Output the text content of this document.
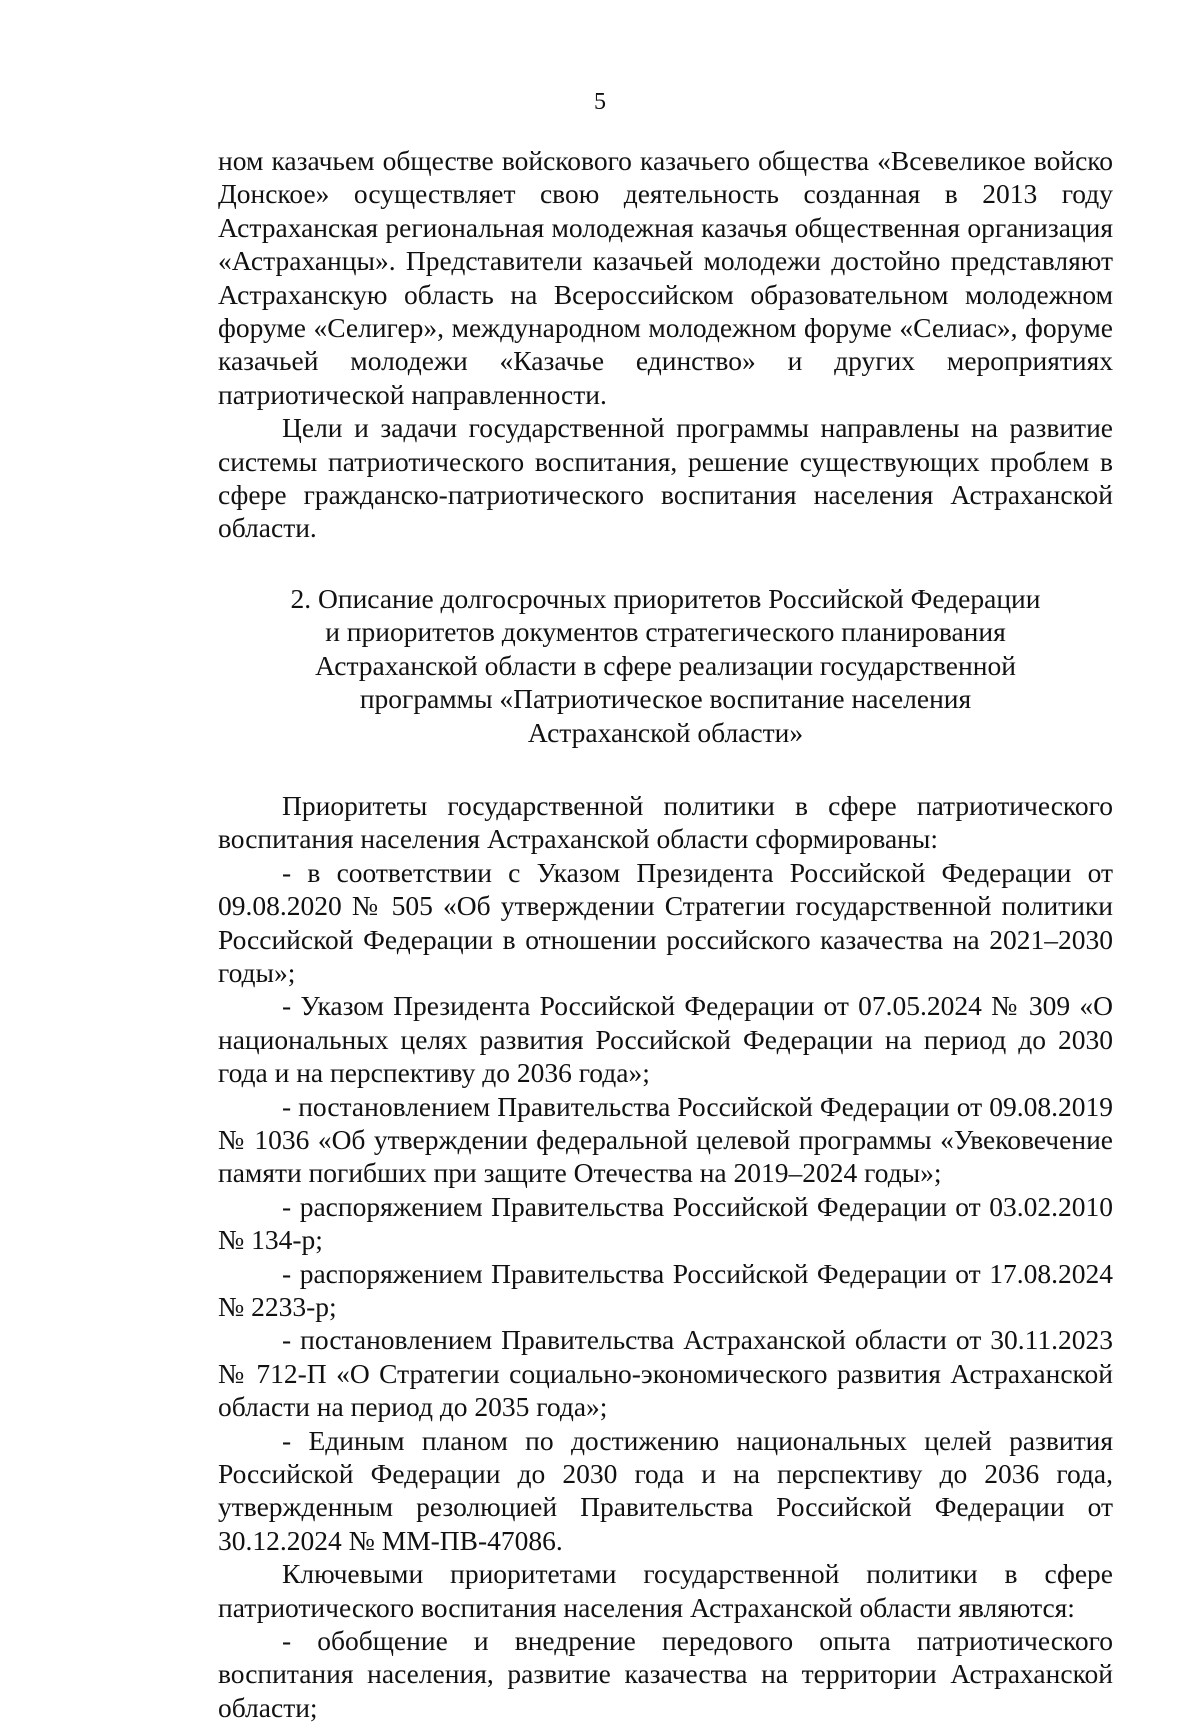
5

ном казачьем обществе войскового казачьего общества «Всевеликое войско Донское» осуществляет свою деятельность созданная в 2013 году Астраханская региональная молодежная казачья общественная организация «Астраханцы». Представители казачьей молодежи достойно представляют Астраханскую область на Всероссийском образовательном молодежном форуме «Селигер», международном молодежном форуме «Селиас», форуме казачьей молодежи «Казачье единство» и других мероприятиях патриотической направленности.

Цели и задачи государственной программы направлены на развитие системы патриотического воспитания, решение существующих проблем в сфере гражданско-патриотического воспитания населения Астраханской области.

2. Описание долгосрочных приоритетов Российской Федерации
и приоритетов документов стратегического планирования
Астраханской области в сфере реализации государственной
программы «Патриотическое воспитание населения
Астраханской области»

Приоритеты государственной политики в сфере патриотического воспитания населения Астраханской области сформированы:

- в соответствии с Указом Президента Российской Федерации от 09.08.2020 № 505 «Об утверждении Стратегии государственной политики Российской Федерации в отношении российского казачества на 2021–2030 годы»;

- Указом Президента Российской Федерации от 07.05.2024 № 309 «О национальных целях развития Российской Федерации на период до 2030 года и на перспективу до 2036 года»;

- постановлением Правительства Российской Федерации от 09.08.2019 № 1036 «Об утверждении федеральной целевой программы «Увековечение памяти погибших при защите Отечества на 2019–2024 годы»;

- распоряжением Правительства Российской Федерации от 03.02.2010 № 134-р;

- распоряжением Правительства Российской Федерации от 17.08.2024 № 2233-р;

- постановлением Правительства Астраханской области от 30.11.2023 № 712-П «О Стратегии социально-экономического развития Астраханской области на период до 2035 года»;

- Единым планом по достижению национальных целей развития Российской Федерации до 2030 года и на перспективу до 2036 года, утвержденным резолюцией Правительства Российской Федерации от 30.12.2024 № ММ-ПВ-47086.

Ключевыми приоритетами государственной политики в сфере патриотического воспитания населения Астраханской области являются:

- обобщение и внедрение передового опыта патриотического воспитания населения, развитие казачества на территории Астраханской области;
